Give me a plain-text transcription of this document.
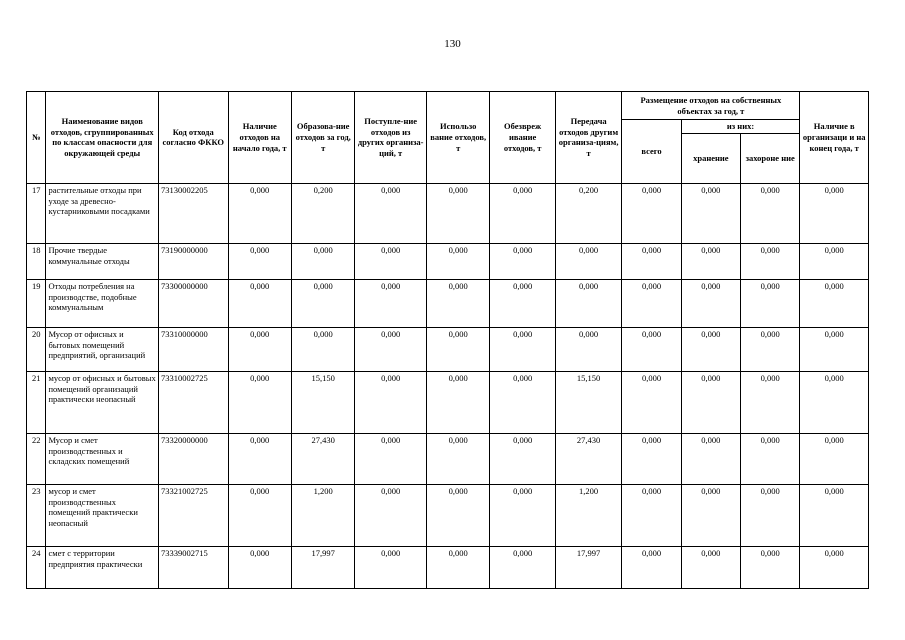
130
№	Наименование видов отходов, сгруппированных по классам опасности для окружающей среды	Код отхода согласно ФККО	Наличие отходов на начало года, т	Образова-ние отходов за год, т	Поступле-ние отходов из других организа-ций, т	Использо вание отходов, т	Обезвреж ивание отходов, т	Передача отходов другим организа-циям, т	Размещение отходов на собственных объектах за год, т			Наличие в организаци и на конец года, т
									всего	из них:		
										хранение	захороне ние	
17	растительные отходы при уходе за древесно-кустарниковыми посадками	73130002205	0,000	0,200	0,000	0,000	0,000	0,200	0,000	0,000	0,000	0,000
18	Прочие твердые коммунальные отходы	73190000000	0,000	0,000	0,000	0,000	0,000	0,000	0,000	0,000	0,000	0,000
19	Отходы потребления на производстве, подобные коммунальным	73300000000	0,000	0,000	0,000	0,000	0,000	0,000	0,000	0,000	0,000	0,000
20	Мусор от офисных и бытовых помещений предприятий, организаций	73310000000	0,000	0,000	0,000	0,000	0,000	0,000	0,000	0,000	0,000	0,000
21	мусор от офисных и бытовых помещений организаций практически неопасный	73310002725	0,000	15,150	0,000	0,000	0,000	15,150	0,000	0,000	0,000	0,000
22	Мусор и смет производственных и складских помещений	73320000000	0,000	27,430	0,000	0,000	0,000	27,430	0,000	0,000	0,000	0,000
23	мусор и смет производственных помещений практически неопасный	73321002725	0,000	1,200	0,000	0,000	0,000	1,200	0,000	0,000	0,000	0,000
24	смет с территории предприятия практически	73339002715	0,000	17,997	0,000	0,000	0,000	17,997	0,000	0,000	0,000	0,000
